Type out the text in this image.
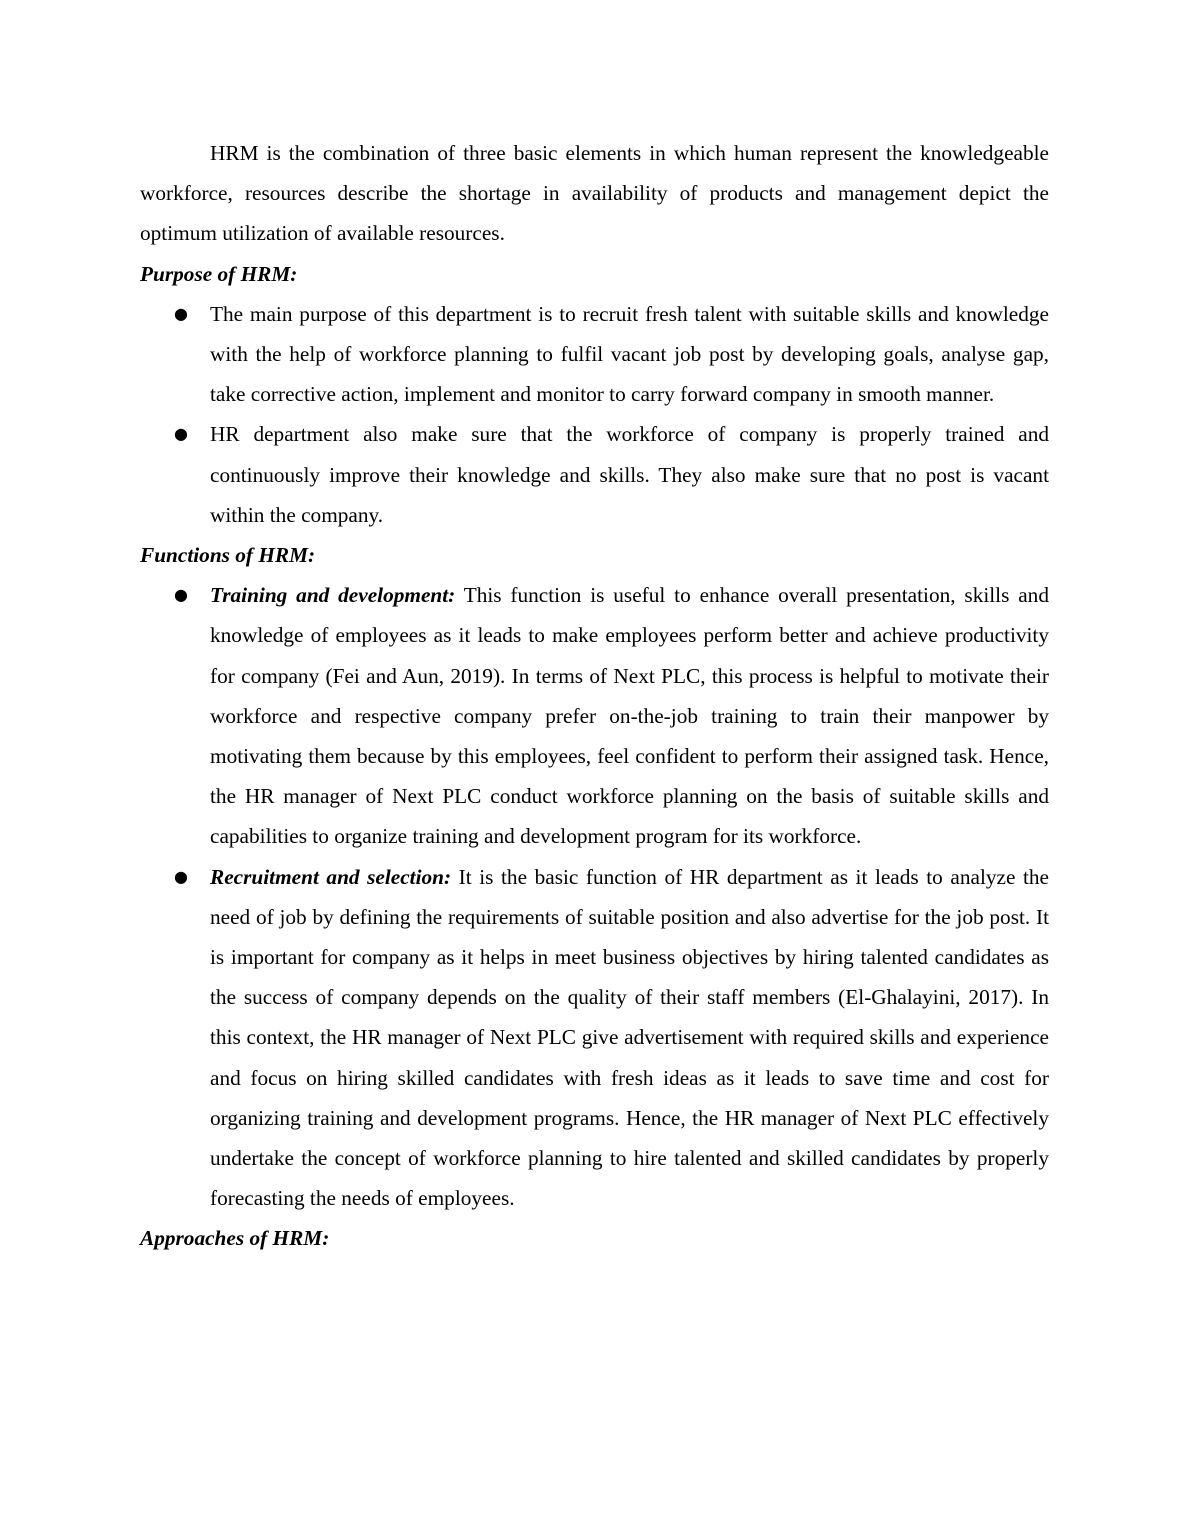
HRM is the combination of three basic elements in which human represent the knowledgeable workforce, resources describe the shortage in availability of products and management depict the optimum utilization of available resources.

Purpose of HRM:

● The main purpose of this department is to recruit fresh talent with suitable skills and knowledge with the help of workforce planning to fulfil vacant job post by developing goals, analyse gap, take corrective action, implement and monitor to carry forward company in smooth manner.
● HR department also make sure that the workforce of company is properly trained and continuously improve their knowledge and skills. They also make sure that no post is vacant within the company.

Functions of HRM:

● Training and development: This function is useful to enhance overall presentation, skills and knowledge of employees as it leads to make employees perform better and achieve productivity for company (Fei and Aun, 2019). In terms of Next PLC, this process is helpful to motivate their workforce and respective company prefer on-the-job training to train their manpower by motivating them because by this employees, feel confident to perform their assigned task. Hence, the HR manager of Next PLC conduct workforce planning on the basis of suitable skills and capabilities to organize training and development program for its workforce.
● Recruitment and selection: It is the basic function of HR department as it leads to analyze the need of job by defining the requirements of suitable position and also advertise for the job post. It is important for company as it helps in meet business objectives by hiring talented candidates as the success of company depends on the quality of their staff members (El-Ghalayini, 2017). In this context, the HR manager of Next PLC give advertisement with required skills and experience and focus on hiring skilled candidates with fresh ideas as it leads to save time and cost for organizing training and development programs. Hence, the HR manager of Next PLC effectively undertake the concept of workforce planning to hire talented and skilled candidates by properly forecasting the needs of employees.

Approaches of HRM:
